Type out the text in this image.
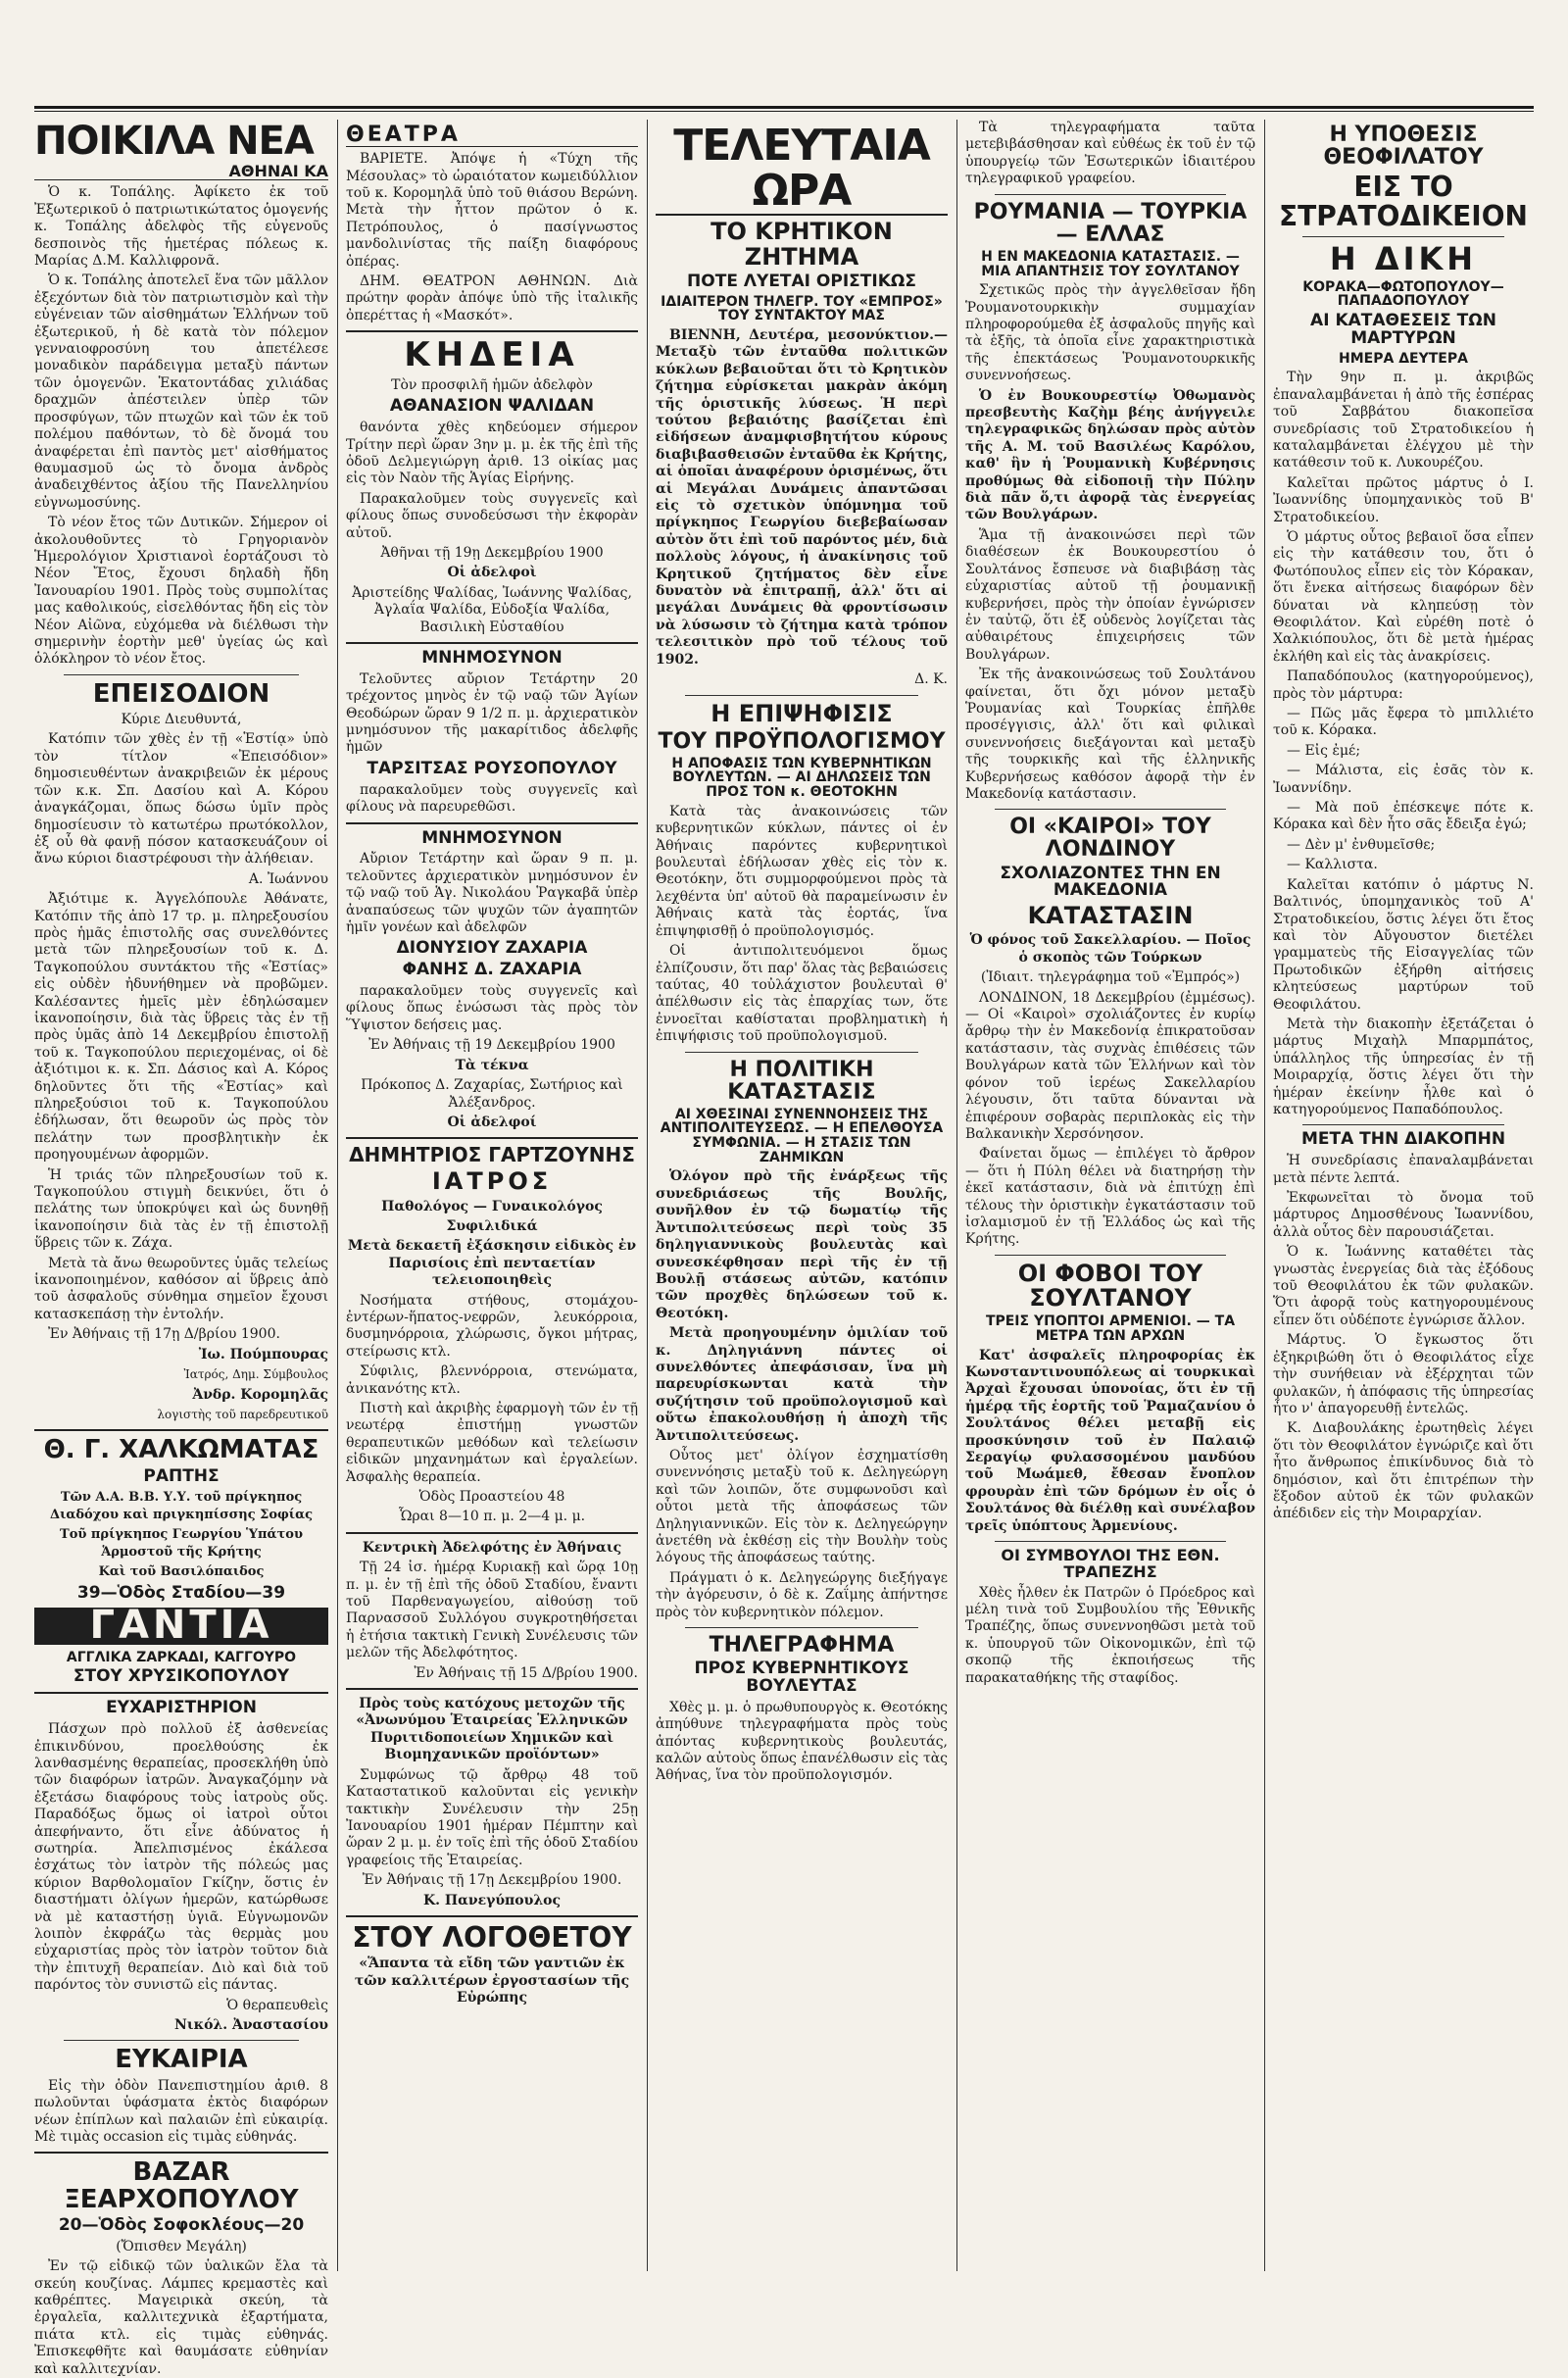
ΠΟΙΚΙΛΑ ΝΕΑ
ΑΘΗΝΑΙ ΚΑ

Ὁ κ. Τοπάλης. Ἀφίκετο ἐκ τοῦ Ἐξωτερικοῦ ὁ πατριωτικώτατος ὁμογενής κ. Τοπάλης ἀδελφὸς τῆς εὐγενοῦς δεσποινὸς τῆς ἡμετέρας πόλεως κ. Μαρίας Δ.Μ. Καλλιφρονᾶ.

Ὁ κ. Τοπάλης ἀποτελεῖ ἕνα τῶν μᾶλλον ἐξεχόντων διὰ τὸν πατριωτισμὸν καὶ τὴν εὐγένειαν τῶν αἰσθημάτων Ἑλλήνων τοῦ ἐξωτερικοῦ, ἡ δὲ κατὰ τὸν πόλεμον γενναιοφροσύνη του ἀπετέλεσε μοναδικὸν παράδειγμα μεταξὺ πάντων τῶν ὁμογενῶν. Ἑκατοντάδας χιλιάδας δραχμῶν ἀπέστειλεν ὑπὲρ τῶν προσφύγων, τῶν πτωχῶν καὶ τῶν ἐκ τοῦ πολέμου παθόντων, τὸ δὲ ὄνομά του ἀναφέρεται ἐπὶ παντὸς μετ' αἰσθήματος θαυμασμοῦ ὡς τὸ ὄνομα ἀνδρὸς ἀναδειχθέντος ἀξίου τῆς Πανελληνίου εὐγνωμοσύνης.

Τὸ νέον ἔτος τῶν Δυτικῶν. Σήμερον οἱ ἀκολουθοῦντες τὸ Γρηγοριανὸν Ἡμερολόγιον Χριστιανοὶ ἑορτάζουσι τὸ Νέον Ἔτος, ἔχουσι δηλαδὴ ἤδη Ἰανουαρίου 1901. Πρὸς τοὺς συμπολίτας μας καθολικούς, εἰσελθόντας ἤδη εἰς τὸν Νέον Αἰῶνα, εὐχόμεθα νὰ διέλθωσι τὴν σημερινὴν ἑορτὴν μεθ' ὑγείας ὡς καὶ ὁλόκληρον τὸ νέον ἔτος.

ΕΠΕΙΣΟΔΙΟΝ

Κύριε Διευθυντά,

Κατόπιν τῶν χθὲς ἐν τῇ «Ἑστίᾳ» ὑπὸ τὸν τίτλον «Ἐπεισόδιον» δημοσιευθέντων ἀνακριβειῶν ἐκ μέρους τῶν κ.κ. Σπ. Δασίου καὶ Α. Κόρου ἀναγκάζομαι, ὅπως δώσω ὑμῖν πρὸς δημοσίευσιν τὸ κατωτέρω πρωτόκολλον, ἐξ οὗ θὰ φανῇ πόσον κατασκευάζουν οἱ ἄνω κύριοι διαστρέφουσι τὴν ἀλήθειαν.

Α. Ἰωάννου

Ἀξιότιμε κ. Ἀγγελόπουλε Ἀθάνατε, Κατόπιν τῆς ἀπὸ 17 τρ. μ. πληρεξουσίου πρὸς ἡμᾶς ἐπιστολῆς σας συνελθόντες μετὰ τῶν πληρεξουσίων τοῦ κ. Δ. Ταγκοπούλου συντάκτου τῆς «Ἑστίας» εἰς οὐδὲν ἠδυνήθημεν νὰ προβῶμεν. Καλέσαντες ἡμεῖς μὲν ἐδηλώσαμεν ἱκανοποίησιν, διὰ τὰς ὕβρεις τὰς ἐν τῇ πρὸς ὑμᾶς ἀπὸ 14 Δεκεμβρίου ἐπιστολῇ τοῦ κ. Ταγκοπούλου περιεχομένας, οἱ δὲ ἀξιότιμοι κ. κ. Σπ. Δάσιος καὶ Α. Κόρος δηλοῦντες ὅτι τῆς «Ἑστίας» καὶ πληρεξούσιοι τοῦ κ. Ταγκοπούλου ἐδήλωσαν, ὅτι θεωροῦν ὡς πρὸς τὸν πελάτην των προσβλητικὴν ἐκ προηγουμένων ἀφορμῶν.

Ἡ τριάς τῶν πληρεξουσίων τοῦ κ. Ταγκοπούλου στιγμὴ δεικνύει, ὅτι ὁ πελάτης των ὑποκρύψει καὶ ὡς δυνηθῇ ἱκανοποίησιν διὰ τὰς ἐν τῇ ἐπιστολῇ ὕβρεις τῶν κ. Ζάχα.

Μετὰ τὰ ἄνω θεωροῦντες ὑμᾶς τελείως ἱκανοποιημένον, καθόσον αἱ ὕβρεις ἀπὸ τοῦ ἀσφαλοῦς σύνθημα σημεῖον ἔχουσι κατασκεπάσῃ τὴν ἐντολήν.

Ἐν Ἀθήναις τῇ 17ῃ Δ/βρίου 1900.

Ἰω. Πούμπουρας

Ἰατρός, Δημ. Σύμβουλος

Ἀνδρ. Κορομηλᾶς

λογιστὴς τοῦ παρεδρευτικοῦ

Θ. Γ. ΧΑΛΚΩΜΑΤΑΣ
ΡΑΠΤΗΣ

Τῶν Α.Α. Β.Β. Υ.Υ. τοῦ πρίγκηπος Διαδόχου καὶ πριγκηπίσσης Σοφίας

Τοῦ πρίγκηπος Γεωργίου Ὑπάτου Ἁρμοστοῦ τῆς Κρήτης

Καὶ τοῦ Βασιλόπαιδος

39—Ὁδὸς Σταδίου—39
ΓΑΝΤΙΑ
ΑΓΓΛΙΚΑ ΖΑΡΚΑΔΙ, ΚΑΓΓΟΥΡΟ
ΣΤΟΥ ΧΡΥΣΙΚΟΠΟΥΛΟΥ
ΕΥΧΑΡΙΣΤΗΡΙΟΝ

Πάσχων πρὸ πολλοῦ ἐξ ἀσθενείας ἐπικινδύνου, προελθούσης ἐκ λανθασμένης θεραπείας, προσεκλήθη ὑπὸ τῶν διαφόρων ἰατρῶν. Ἀναγκαζόμην νὰ ἐξετάσω διαφόρους τοὺς ἰατροὺς οὕς. Παραδόξως ὅμως οἱ ἰατροὶ οὗτοι ἀπεφήναντο, ὅτι εἶνε ἀδύνατος ἡ σωτηρία. Ἀπελπισμένος ἐκάλεσα ἐσχάτως τὸν ἰατρὸν τῆς πόλεώς μας κύριον Βαρθολομαῖον Γκίζην, ὅστις ἐν διαστήματι ὀλίγων ἡμερῶν, κατώρθωσε νὰ μὲ καταστήσῃ ὑγιᾶ. Εὐγνωμονῶν λοιπὸν ἐκφράζω τὰς θερμὰς μου εὐχαριστίας πρὸς τὸν ἰατρὸν τοῦτον διὰ τὴν ἐπιτυχῆ θεραπείαν. Διὸ καὶ διὰ τοῦ παρόντος τὸν συνιστῶ εἰς πάντας.

Ὁ θεραπευθεὶς

Νικόλ. Ἀναστασίου

ΕΥΚΑΙΡΙΑ

Εἰς τὴν ὁδὸν Πανεπιστημίου ἀριθ. 8 πωλοῦνται ὑφάσματα ἐκτὸς διαφόρων νέων ἐπίπλων καὶ παλαιῶν ἐπὶ εὐκαιρίᾳ. Μὲ τιμὰς occasion εἰς τιμὰς εὐθηνάς.

BAZAR ΞΕΑΡΧΟΠΟΥΛΟΥ
20—Ὁδὸς Σοφοκλέους—20

(Ὄπισθεν Μεγάλη)

Ἐν τῷ εἰδικῷ τῶν ὑαλικῶν ἔλα τὰ σκεύη κουζίνας. Λάμπες κρεμαστὲς καὶ καθρέπτες. Μαγειρικὰ σκεύη, τὰ ἐργαλεῖα, καλλιτεχνικὰ ἐξαρτήματα, πιάτα κτλ. εἰς τιμὰς εὐθηνάς. Ἐπισκεφθῆτε καὶ θαυμάσατε εὐθηνίαν καὶ καλλιτεχνίαν.

ΘΕΑΤΡΑ

ΒΑΡΙΕΤΕ. Ἀπόψε ἡ «Τύχη τῆς Μέσουλας» τὸ ὡραιότατον κωμειδύλλιον τοῦ κ. Κορομηλᾶ ὑπὸ τοῦ θιάσου Βερώνη. Μετὰ τὴν ἧττον πρῶτον ὁ κ. Πετρόπουλος, ὁ πασίγνωστος μανδολινίστας τῆς παίξη διαφόρους ὀπέρας.

ΔΗΜ. ΘΕΑΤΡΟΝ ΑΘΗΝΩΝ. Διὰ πρώτην φορὰν ἀπόψε ὑπὸ τῆς ἰταλικῆς ὀπερέττας ἡ «Μασκότ».

ΚΗΔΕΙΑ

Τὸν προσφιλῆ ἡμῶν ἀδελφὸν

ΑΘΑΝΑΣΙΟΝ ΨΑΛΙΔΑΝ

θανόντα χθὲς κηδεύομεν σήμερον Τρίτην περὶ ὥραν 3ην μ. μ. ἐκ τῆς ἐπὶ τῆς ὁδοῦ Δελμεγιώργη ἀριθ. 13 οἰκίας μας εἰς τὸν Ναὸν τῆς Ἁγίας Εἰρήνης.

Παρακαλοῦμεν τοὺς συγγενεῖς καὶ φίλους ὅπως συνοδεύσωσι τὴν ἐκφορὰν αὐτοῦ.

Ἀθῆναι τῇ 19ῃ Δεκεμβρίου 1900

Οἱ ἀδελφοὶ

Ἀριστείδης Ψαλίδας, Ἰωάννης Ψαλίδας, Ἀγλαΐα Ψαλίδα, Εὐδοξία Ψαλίδα, Βασιλικὴ Εὐσταθίου

ΜΝΗΜΟΣΥΝΟΝ

Τελοῦντες αὔριον Τετάρτην 20 τρέχοντος μηνὸς ἐν τῷ ναῷ τῶν Ἁγίων Θεοδώρων ὥραν 9 1/2 π. μ. ἀρχιερατικὸν μνημόσυνον τῆς μακαρίτιδος ἀδελφῆς ἡμῶν

ΤΑΡΣΙΤΣΑΣ ΡΟΥΣΟΠΟΥΛΟΥ

παρακαλοῦμεν τοὺς συγγενεῖς καὶ φίλους νὰ παρευρεθῶσι.

ΜΝΗΜΟΣΥΝΟΝ

Αὔριον Τετάρτην καὶ ὥραν 9 π. μ. τελοῦντες ἀρχιερατικὸν μνημόσυνον ἐν τῷ ναῷ τοῦ Ἁγ. Νικολάου Ῥαγκαβᾶ ὑπὲρ ἀναπαύσεως τῶν ψυχῶν τῶν ἀγαπητῶν ἡμῖν γονέων καὶ ἀδελφῶν

ΔΙΟΝΥΣΙΟΥ ΖΑΧΑΡΙΑ
ΦΑΝΗΣ Δ. ΖΑΧΑΡΙΑ

παρακαλοῦμεν τοὺς συγγενεῖς καὶ φίλους ὅπως ἐνώσωσι τὰς πρὸς τὸν Ὕψιστον δεήσεις μας.

Ἐν Ἀθήναις τῇ 19 Δεκεμβρίου 1900

Τὰ τέκνα

Πρόκοπος Δ. Ζαχαρίας, Σωτήριος καὶ Ἀλέξανδρος.

Οἱ ἀδελφοί

ΔΗΜΗΤΡΙΟΣ ΓΑΡΤΖΟΥΝΗΣ
ΙΑΤΡΟΣ

Παθολόγος — Γυναικολόγος

Συφιλιδικά

Μετὰ δεκαετῆ ἐξάσκησιν εἰδικὸς ἐν Παρισίοις ἐπὶ πενταετίαν τελειοποιηθεὶς

Νοσήματα στήθους, στομάχου-ἐντέρων-ἥπατος-νεφρῶν, λευκόρροια, δυσμηνόρροια, χλώρωσις, ὄγκοι μήτρας, στείρωσις κτλ.

Σύφιλις, βλεννόρροια, στενώματα, ἀνικανότης κτλ.

Πιστὴ καὶ ἀκριβὴς ἐφαρμογὴ τῶν ἐν τῇ νεωτέρᾳ ἐπιστήμῃ γνωστῶν θεραπευτικῶν μεθόδων καὶ τελείωσιν εἰδικῶν μηχανημάτων καὶ ἐργαλείων. Ἀσφαλὴς θεραπεία.

Ὁδὸς Προαστείου 48

Ὧραι 8—10 π. μ. 2—4 μ. μ.

Κεντρικὴ Ἀδελφότης ἐν Ἀθήναις

Τῇ 24 ἰσ. ἡμέρᾳ Κυριακῇ καὶ ὥρᾳ 10ῃ π. μ. ἐν τῇ ἐπὶ τῆς ὁδοῦ Σταδίου, ἔναντι τοῦ Παρθεναγωγείου, αἰθούσῃ τοῦ Παρνασσοῦ Συλλόγου συγκροτηθήσεται ἡ ἐτήσια τακτικὴ Γενικὴ Συνέλευσις τῶν μελῶν τῆς Ἀδελφότητος.

Ἐν Ἀθήναις τῇ 15 Δ/βρίου 1900.

Πρὸς τοὺς κατόχους μετοχῶν τῆς «Ἀνωνύμου Ἑταιρείας Ἑλληνικῶν Πυριτιδοποιείων Χημικῶν καὶ Βιομηχανικῶν προϊόντων»

Συμφώνως τῷ ἄρθρῳ 48 τοῦ Καταστατικοῦ καλοῦνται εἰς γενικὴν τακτικὴν Συνέλευσιν τὴν 25ῃ Ἰανουαρίου 1901 ἡμέραν Πέμπτην καὶ ὥραν 2 μ. μ. ἐν τοῖς ἐπὶ τῆς ὁδοῦ Σταδίου γραφείοις τῆς Ἑταιρείας.

Ἐν Ἀθήναις τῇ 17ῃ Δεκεμβρίου 1900.

Κ. Πανεγύπουλος

ΣΤΟΥ ΛΟΓΟΘΕΤΟΥ

«Ἅπαντα τὰ εἴδη τῶν γαντιῶν ἐκ τῶν καλλιτέρων ἐργοστασίων τῆς Εὐρώπης

ΤΕΛΕΥΤΑΙΑ ΩΡΑ
ΤΟ ΚΡΗΤΙΚΟΝ ΖΗΤΗΜΑ
ΠΟΤΕ ΛΥΕΤΑΙ ΟΡΙΣΤΙΚΩΣ
ΙΔΙΑΙΤΕΡΟΝ ΤΗΛΕΓΡ. ΤΟΥ «ΕΜΠΡΟΣ» ΤΟΥ ΣΥΝΤΑΚΤΟΥ ΜΑΣ

ΒΙΕΝΝΗ, Δευτέρα, μεσονύκτιον.— Μεταξὺ τῶν ἐνταῦθα πολιτικῶν κύκλων βεβαιοῦται ὅτι τὸ Κρητικὸν ζήτημα εὑρίσκεται μακρὰν ἀκόμη τῆς ὁριστικῆς λύσεως. Ἡ περὶ τούτου βεβαιότης βασίζεται ἐπὶ εἰδήσεων ἀναμφισβητήτου κύρους διαβιβασθεισῶν ἐνταῦθα ἐκ Κρήτης, αἱ ὁποῖαι ἀναφέρουν ὁρισμένως, ὅτι αἱ Μεγάλαι Δυνάμεις ἀπαντῶσαι εἰς τὸ σχετικὸν ὑπόμνημα τοῦ πρίγκηπος Γεωργίου διεβεβαίωσαν αὐτὸν ὅτι ἐπὶ τοῦ παρόντος μέν, διὰ πολλοὺς λόγους, ἡ ἀνακίνησις τοῦ Κρητικοῦ ζητήματος δὲν εἶνε δυνατὸν νὰ ἐπιτραπῇ, ἀλλ' ὅτι αἱ μεγάλαι Δυνάμεις θὰ φροντίσωσιν νὰ λύσωσιν τὸ ζήτημα κατὰ τρόπον τελεσιτικὸν πρὸ τοῦ τέλους τοῦ 1902.

Δ. Κ.

Η ΕΠΙΨΗΦΙΣΙΣ
ΤΟΥ ΠΡΟΫΠΟΛΟΓΙΣΜΟΥ
Η ΑΠΟΦΑΣΙΣ ΤΩΝ ΚΥΒΕΡΝΗΤΙΚΩΝ ΒΟΥΛΕΥΤΩΝ. — ΑΙ ΔΗΛΩΣΕΙΣ ΤΩΝ ΠΡΟΣ ΤΟΝ κ. ΘΕΟΤΟΚΗΝ

Κατὰ τὰς ἀνακοινώσεις τῶν κυβερνητικῶν κύκλων, πάντες οἱ ἐν Ἀθήναις παρόντες κυβερνητικοὶ βουλευταὶ ἐδήλωσαν χθὲς εἰς τὸν κ. Θεοτόκην, ὅτι συμμορφούμενοι πρὸς τὰ λεχθέντα ὑπ' αὐτοῦ θὰ παραμείνωσιν ἐν Ἀθήναις κατὰ τὰς ἑορτάς, ἵνα ἐπιψηφισθῇ ὁ προϋπολογισμός.

Οἱ ἀντιπολιτευόμενοι ὅμως ἐλπίζουσιν, ὅτι παρ' ὅλας τὰς βεβαιώσεις ταύτας, 40 τοὐλάχιστον βουλευταὶ θ' ἀπέλθωσιν εἰς τὰς ἐπαρχίας των, ὅτε ἐννοεῖται καθίσταται προβληματικὴ ἡ ἐπιψήφισις τοῦ προϋπολογισμοῦ.

Η ΠΟΛΙΤΙΚΗ ΚΑΤΑΣΤΑΣΙΣ
ΑΙ ΧΘΕΣΙΝΑΙ ΣΥΝΕΝΝΟΗΣΕΙΣ ΤΗΣ ΑΝΤΙΠΟΛΙΤΕΥΣΕΩΣ. — Η ΕΠΕΛΘΟΥΣΑ ΣΥΜΦΩΝΙΑ. — Η ΣΤΑΣΙΣ ΤΩΝ ΖΑΗΜΙΚΩΝ

Ὁλόγον πρὸ τῆς ἐνάρξεως τῆς συνεδριάσεως τῆς Βουλῆς, συνῆλθον ἐν τῷ δωματίῳ τῆς Ἀντιπολιτεύσεως περὶ τοὺς 35 δηληγιαννικοὺς βουλευτὰς καὶ συνεσκέφθησαν περὶ τῆς ἐν τῇ Βουλῇ στάσεως αὐτῶν, κατόπιν τῶν προχθὲς δηλώσεων τοῦ κ. Θεοτόκη.

Μετὰ προηγουμένην ὁμιλίαν τοῦ κ. Δηληγιάννη πάντες οἱ συνελθόντες ἀπεφάσισαν, ἵνα μὴ παρευρίσκωνται κατὰ τὴν συζήτησιν τοῦ προϋπολογισμοῦ καὶ οὕτω ἐπακολουθήσῃ ἡ ἀποχὴ τῆς Ἀντιπολιτεύσεως.

Οὗτος μετ' ὀλίγον ἐσχηματίσθη συνεννόησις μεταξὺ τοῦ κ. Δεληγεώργη καὶ τῶν λοιπῶν, ὅτε συμφωνοῦσι καὶ οὗτοι μετὰ τῆς ἀποφάσεως τῶν Δηληγιαννικῶν. Εἰς τὸν κ. Δεληγεώργην ἀνετέθη νὰ ἐκθέσῃ εἰς τὴν Βουλὴν τοὺς λόγους τῆς ἀποφάσεως ταύτης.

Πράγματι ὁ κ. Δεληγεώργης διεξήγαγε τὴν ἀγόρευσιν, ὁ δὲ κ. Ζαΐμης ἀπήντησε πρὸς τὸν κυβερνητικὸν πόλεμον.

ΤΗΛΕΓΡΑΦΗΜΑ
ΠΡΟΣ ΚΥΒΕΡΝΗΤΙΚΟΥΣ ΒΟΥΛΕΥΤΑΣ

Χθὲς μ. μ. ὁ πρωθυπουργὸς κ. Θεοτόκης ἀπηύθυνε τηλεγραφήματα πρὸς τοὺς ἀπόντας κυβερνητικοὺς βουλευτάς, καλῶν αὐτοὺς ὅπως ἐπανέλθωσιν εἰς τὰς Ἀθήνας, ἵνα τὸν προϋπολογισμόν.

Τὰ τηλεγραφήματα ταῦτα μετεβιβάσθησαν καὶ εὐθέως ἐκ τοῦ ἐν τῷ ὑπουργείῳ τῶν Ἐσωτερικῶν ἰδιαιτέρου τηλεγραφικοῦ γραφείου.

ΡΟΥΜΑΝΙΑ — ΤΟΥΡΚΙΑ — ΕΛΛΑΣ
Η ΕΝ ΜΑΚΕΔΟΝΙΑ ΚΑΤΑΣΤΑΣΙΣ. — ΜΙΑ ΑΠΑΝΤΗΣΙΣ ΤΟΥ ΣΟΥΛΤΑΝΟΥ

Σχετικῶς πρὸς τὴν ἀγγελθεῖσαν ἤδη Ῥουμανοτουρκικὴν συμμαχίαν πληροφορούμεθα ἐξ ἀσφαλοῦς πηγῆς καὶ τὰ ἑξῆς, τὰ ὁποῖα εἶνε χαρακτηριστικὰ τῆς ἐπεκτάσεως Ῥουμανοτουρκικῆς συνεννοήσεως.

Ὁ ἐν Βουκουρεστίῳ Ὀθωμανὸς πρεσβευτὴς Καζὴμ βέης ἀνήγγειλε τηλεγραφικῶς δηλώσαν πρὸς αὐτὸν τῆς Α. Μ. τοῦ Βασιλέως Καρόλου, καθ' ἣν ἡ Ῥουμανικὴ Κυβέρνησις προθύμως θὰ εἰδοποιῇ τὴν Πύλην διὰ πᾶν ὅ,τι ἀφορᾷ τὰς ἐνεργείας τῶν Βουλγάρων.

Ἅμα τῇ ἀνακοινώσει περὶ τῶν διαθέσεων ἐκ Βουκουρεστίου ὁ Σουλτάνος ἔσπευσε νὰ διαβιβάσῃ τὰς εὐχαριστίας αὐτοῦ τῇ ῥουμανικῇ κυβερνήσει, πρὸς τὴν ὁποίαν ἐγνώρισεν ἐν ταὐτῷ, ὅτι ἐξ οὐδενὸς λογίζεται τὰς αὐθαιρέτους ἐπιχειρήσεις τῶν Βουλγάρων.

Ἐκ τῆς ἀνακοινώσεως τοῦ Σουλτάνου φαίνεται, ὅτι ὄχι μόνον μεταξὺ Ῥουμανίας καὶ Τουρκίας ἐπῆλθε προσέγγισις, ἀλλ' ὅτι καὶ φιλικαὶ συνεννοήσεις διεξάγονται καὶ μεταξὺ τῆς τουρκικῆς καὶ τῆς ἑλληνικῆς Κυβερνήσεως καθόσον ἀφορᾷ τὴν ἐν Μακεδονίᾳ κατάστασιν.

ΟΙ «ΚΑΙΡΟΙ» ΤΟΥ ΛΟΝΔΙΝΟΥ
ΣΧΟΛΙΑΖΟΝΤΕΣ ΤΗΝ ΕΝ ΜΑΚΕΔΟΝΙΑ
ΚΑΤΑΣΤΑΣΙΝ

Ὁ φόνος τοῦ Σακελλαρίου. — Ποῖος ὁ σκοπὸς τῶν Τούρκων

(Ἰδιαιτ. τηλεγράφημα τοῦ «Ἐμπρός»)

ΛΟΝΔΙΝΟΝ, 18 Δεκεμβρίου (ἐμμέσως).— Οἱ «Καιροὶ» σχολιάζοντες ἐν κυρίῳ ἄρθρῳ τὴν ἐν Μακεδονίᾳ ἐπικρατοῦσαν κατάστασιν, τὰς συχνὰς ἐπιθέσεις τῶν Βουλγάρων κατὰ τῶν Ἑλλήνων καὶ τὸν φόνον τοῦ ἱερέως Σακελλαρίου λέγουσιν, ὅτι ταῦτα δύνανται νὰ ἐπιφέρουν σοβαρὰς περιπλοκὰς εἰς τὴν Βαλκανικὴν Χερσόνησον.

Φαίνεται ὅμως — ἐπιλέγει τὸ ἄρθρον — ὅτι ἡ Πύλη θέλει νὰ διατηρήσῃ τὴν ἐκεῖ κατάστασιν, διὰ νὰ ἐπιτύχῃ ἐπὶ τέλους τὴν ὁριστικὴν ἐγκατάστασιν τοῦ ἰσλαμισμοῦ ἐν τῇ Ἑλλάδος ὡς καὶ τῆς Κρήτης.

ΟΙ ΦΟΒΟΙ ΤΟΥ ΣΟΥΛΤΑΝΟΥ
ΤΡΕΙΣ ΥΠΟΠΤΟΙ ΑΡΜΕΝΙΟΙ. — ΤΑ ΜΕΤΡΑ ΤΩΝ ΑΡΧΩΝ

Κατ' ἀσφαλεῖς πληροφορίας ἐκ Κωνσταντινουπόλεως αἱ τουρκικαὶ Ἀρχαὶ ἔχουσαι ὑπονοίας, ὅτι ἐν τῇ ἡμέρᾳ τῆς ἑορτῆς τοῦ Ῥαμαζανίου ὁ Σουλτάνος θέλει μεταβῇ εἰς προσκύνησιν τοῦ ἐν Παλαιῷ Σεραγίῳ φυλασσομένου μανδύου τοῦ Μωάμεθ, ἔθεσαν ἔνοπλον φρουρὰν ἐπὶ τῶν δρόμων ἐν οἷς ὁ Σουλτάνος θὰ διέλθῃ καὶ συνέλαβον τρεῖς ὑπόπτους Ἀρμενίους.

ΟΙ ΣΥΜΒΟΥΛΟΙ ΤΗΣ ΕΘΝ. ΤΡΑΠΕΖΗΣ

Χθὲς ἦλθεν ἐκ Πατρῶν ὁ Πρόεδρος καὶ μέλη τινὰ τοῦ Συμβουλίου τῆς Ἐθνικῆς Τραπέζης, ὅπως συνεννοηθῶσι μετὰ τοῦ κ. ὑπουργοῦ τῶν Οἰκονομικῶν, ἐπὶ τῷ σκοπῷ τῆς ἐκποιήσεως τῆς παρακαταθήκης τῆς σταφίδος.

Η ΥΠΟΘΕΣΙΣ ΘΕΟΦΙΛΑΤΟΥ
ΕΙΣ ΤΟ ΣΤΡΑΤΟΔΙΚΕΙΟΝ
Η ΔΙΚΗ
ΚΟΡΑΚΑ—ΦΩΤΟΠΟΥΛΟΥ—ΠΑΠΑΔΟΠΟΥΛΟΥ
ΑΙ ΚΑΤΑΘΕΣΕΙΣ ΤΩΝ ΜΑΡΤΥΡΩΝ
ΗΜΕΡΑ ΔΕΥΤΕΡΑ

Τὴν 9ην π. μ. ἀκριβῶς ἐπαναλαμβάνεται ἡ ἀπὸ τῆς ἑσπέρας τοῦ Σαββάτου διακοπεῖσα συνεδρίασις τοῦ Στρατοδικείου ἡ καταλαμβάνεται ἐλέγχου μὲ τὴν κατάθεσιν τοῦ κ. Λυκουρέζου.

Καλεῖται πρῶτος μάρτυς ὁ Ι. Ἰωαννίδης ὑπομηχανικὸς τοῦ Β' Στρατοδικείου.

Ὁ μάρτυς οὗτος βεβαιοῖ ὅσα εἶπεν εἰς τὴν κατάθεσιν του, ὅτι ὁ Φωτόπουλος εἶπεν εἰς τὸν Κόρακαν, ὅτι ἔνεκα αἰτήσεως διαφόρων δὲν δύναται νὰ κληπεύσῃ τὸν Θεοφιλάτον. Καὶ εὐρέθη ποτὲ ὁ Χαλκιόπουλος, ὅτι δὲ μετὰ ἡμέρας ἐκλήθη καὶ εἰς τὰς ἀνακρίσεις.

Παπαδόπουλος (κατηγορούμενος), πρὸς τὸν μάρτυρα:

— Πῶς μᾶς ἔφερα τὸ μπιλλιέτο τοῦ κ. Κόρακα.

— Εἰς ἐμέ;

— Μάλιστα, εἰς ἐσᾶς τὸν κ. Ἰωαννίδην.

— Μὰ ποῦ ἐπέσκεψε πότε κ. Κόρακα καὶ δὲν ἦτο σᾶς ἔδειξα ἐγώ;

— Δὲν μ' ἐνθυμεῖσθε;

— Καλλιστα.

Καλεῖται κατόπιν ὁ μάρτυς Ν. Βαλτινός, ὑπομηχανικὸς τοῦ Α' Στρατοδικείου, ὅστις λέγει ὅτι ἔτος καὶ τὸν Αὔγουστον διετέλει γραμματεὺς τῆς Εἰσαγγελίας τῶν Πρωτοδικῶν ἐξήρθη αἰτήσεις κλητεύσεως μαρτύρων τοῦ Θεοφιλάτου.

Μετὰ τὴν διακοπὴν ἐξετάζεται ὁ μάρτυς Μιχαὴλ Μπαρμπάτος, ὑπάλληλος τῆς ὑπηρεσίας ἐν τῇ Μοιραρχίᾳ, ὅστις λέγει ὅτι τὴν ἡμέραν ἐκείνην ἦλθε καὶ ὁ κατηγορούμενος Παπαδόπουλος.

ΜΕΤΑ ΤΗΝ ΔΙΑΚΟΠΗΝ

Ἡ συνεδρίασις ἐπαναλαμβάνεται μετὰ πέντε λεπτά.

Ἐκφωνεῖται τὸ ὄνομα τοῦ μάρτυρος Δημοσθένους Ἰωαννίδου, ἀλλὰ οὗτος δὲν παρουσιάζεται.

Ὁ κ. Ἰωάννης καταθέτει τὰς γνωστὰς ἐνεργείας διὰ τὰς ἐξόδους τοῦ Θεοφιλάτου ἐκ τῶν φυλακῶν. Ὅτι ἀφορᾷ τοὺς κατηγορουμένους εἶπεν ὅτι οὐδέποτε ἐγνώρισε ἄλλον.

Μάρτυς. Ὁ ἔγκωστος ὅτι ἐξηκριβώθη ὅτι ὁ Θεοφιλάτος εἶχε τὴν συνήθειαν νὰ ἐξέρχηται τῶν φυλακῶν, ἡ ἀπόφασις τῆς ὑπηρεσίας ἦτο ν' ἀπαγορευθῇ ἐντελῶς.

Κ. Διαβουλάκης ἐρωτηθεὶς λέγει ὅτι τὸν Θεοφιλάτον ἐγνώριζε καὶ ὅτι ἦτο ἄνθρωπος ἐπικίνδυνος διὰ τὸ δημόσιον, καὶ ὅτι ἐπιτρέπων τὴν ἔξοδον αὐτοῦ ἐκ τῶν φυλακῶν ἀπέδιδεν εἰς τὴν Μοιραρχίαν.
